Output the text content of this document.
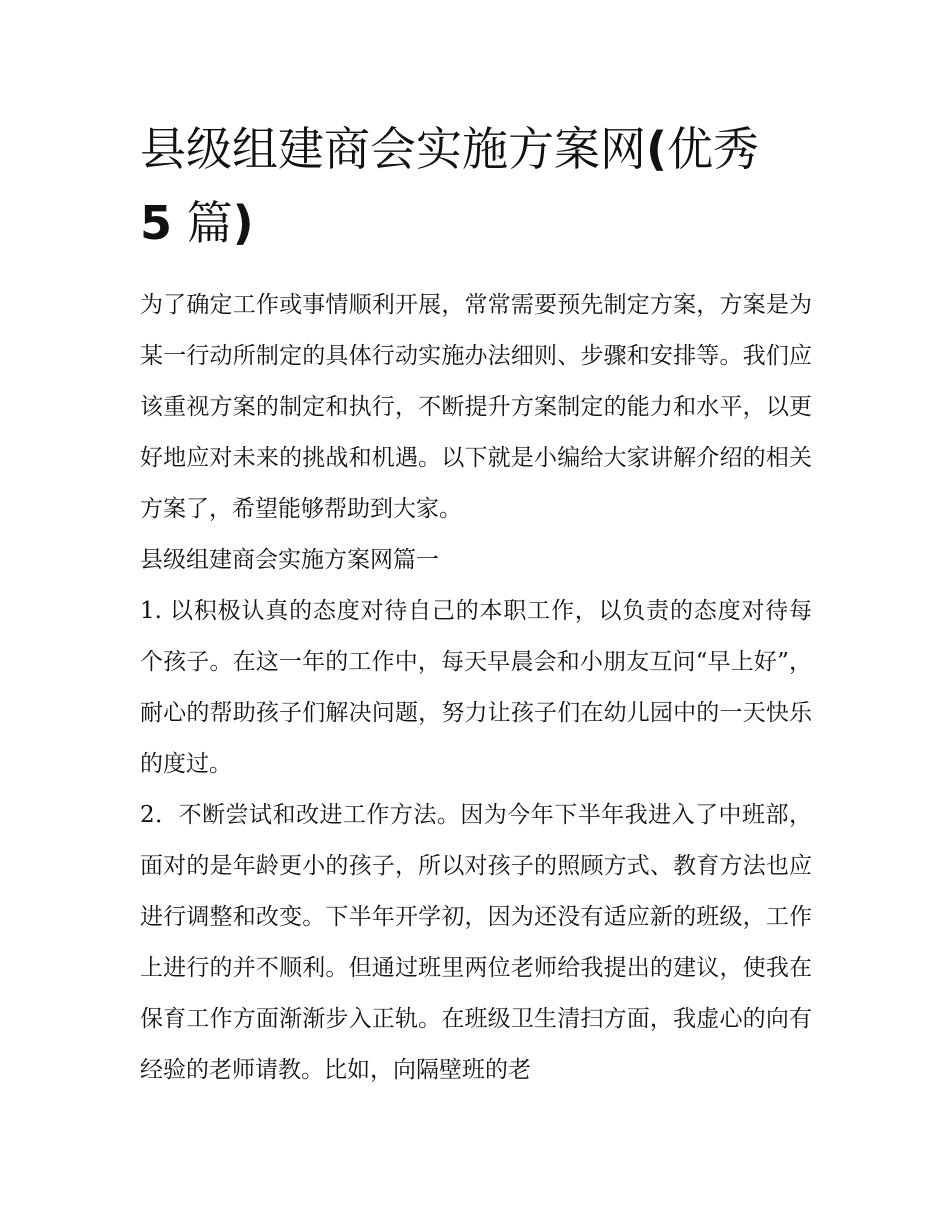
县级组建商会实施方案网(优秀
5 篇)

为了确定工作或事情顺利开展，常常需要预先制定方案，方案是为某一行动所制定的具体行动实施办法细则、步骤和安排等。我们应该重视方案的制定和执行，不断提升方案制定的能力和水平，以更好地应对未来的挑战和机遇。以下就是小编给大家讲解介绍的相关方案了，希望能够帮助到大家。

县级组建商会实施方案网篇一

1. 以积极认真的态度对待自己的本职工作，以负责的态度对待每个孩子。在这一年的工作中，每天早晨会和小朋友互问“早上好”，耐心的帮助孩子们解决问题，努力让孩子们在幼儿园中的一天快乐的度过。

2．不断尝试和改进工作方法。因为今年下半年我进入了中班部，面对的是年龄更小的孩子，所以对孩子的照顾方式、教育方法也应进行调整和改变。下半年开学初，因为还没有适应新的班级，工作上进行的并不顺利。但通过班里两位老师给我提出的建议，使我在保育工作方面渐渐步入正轨。在班级卫生清扫方面，我虚心的向有经验的老师请教。比如，向隔壁班的老
